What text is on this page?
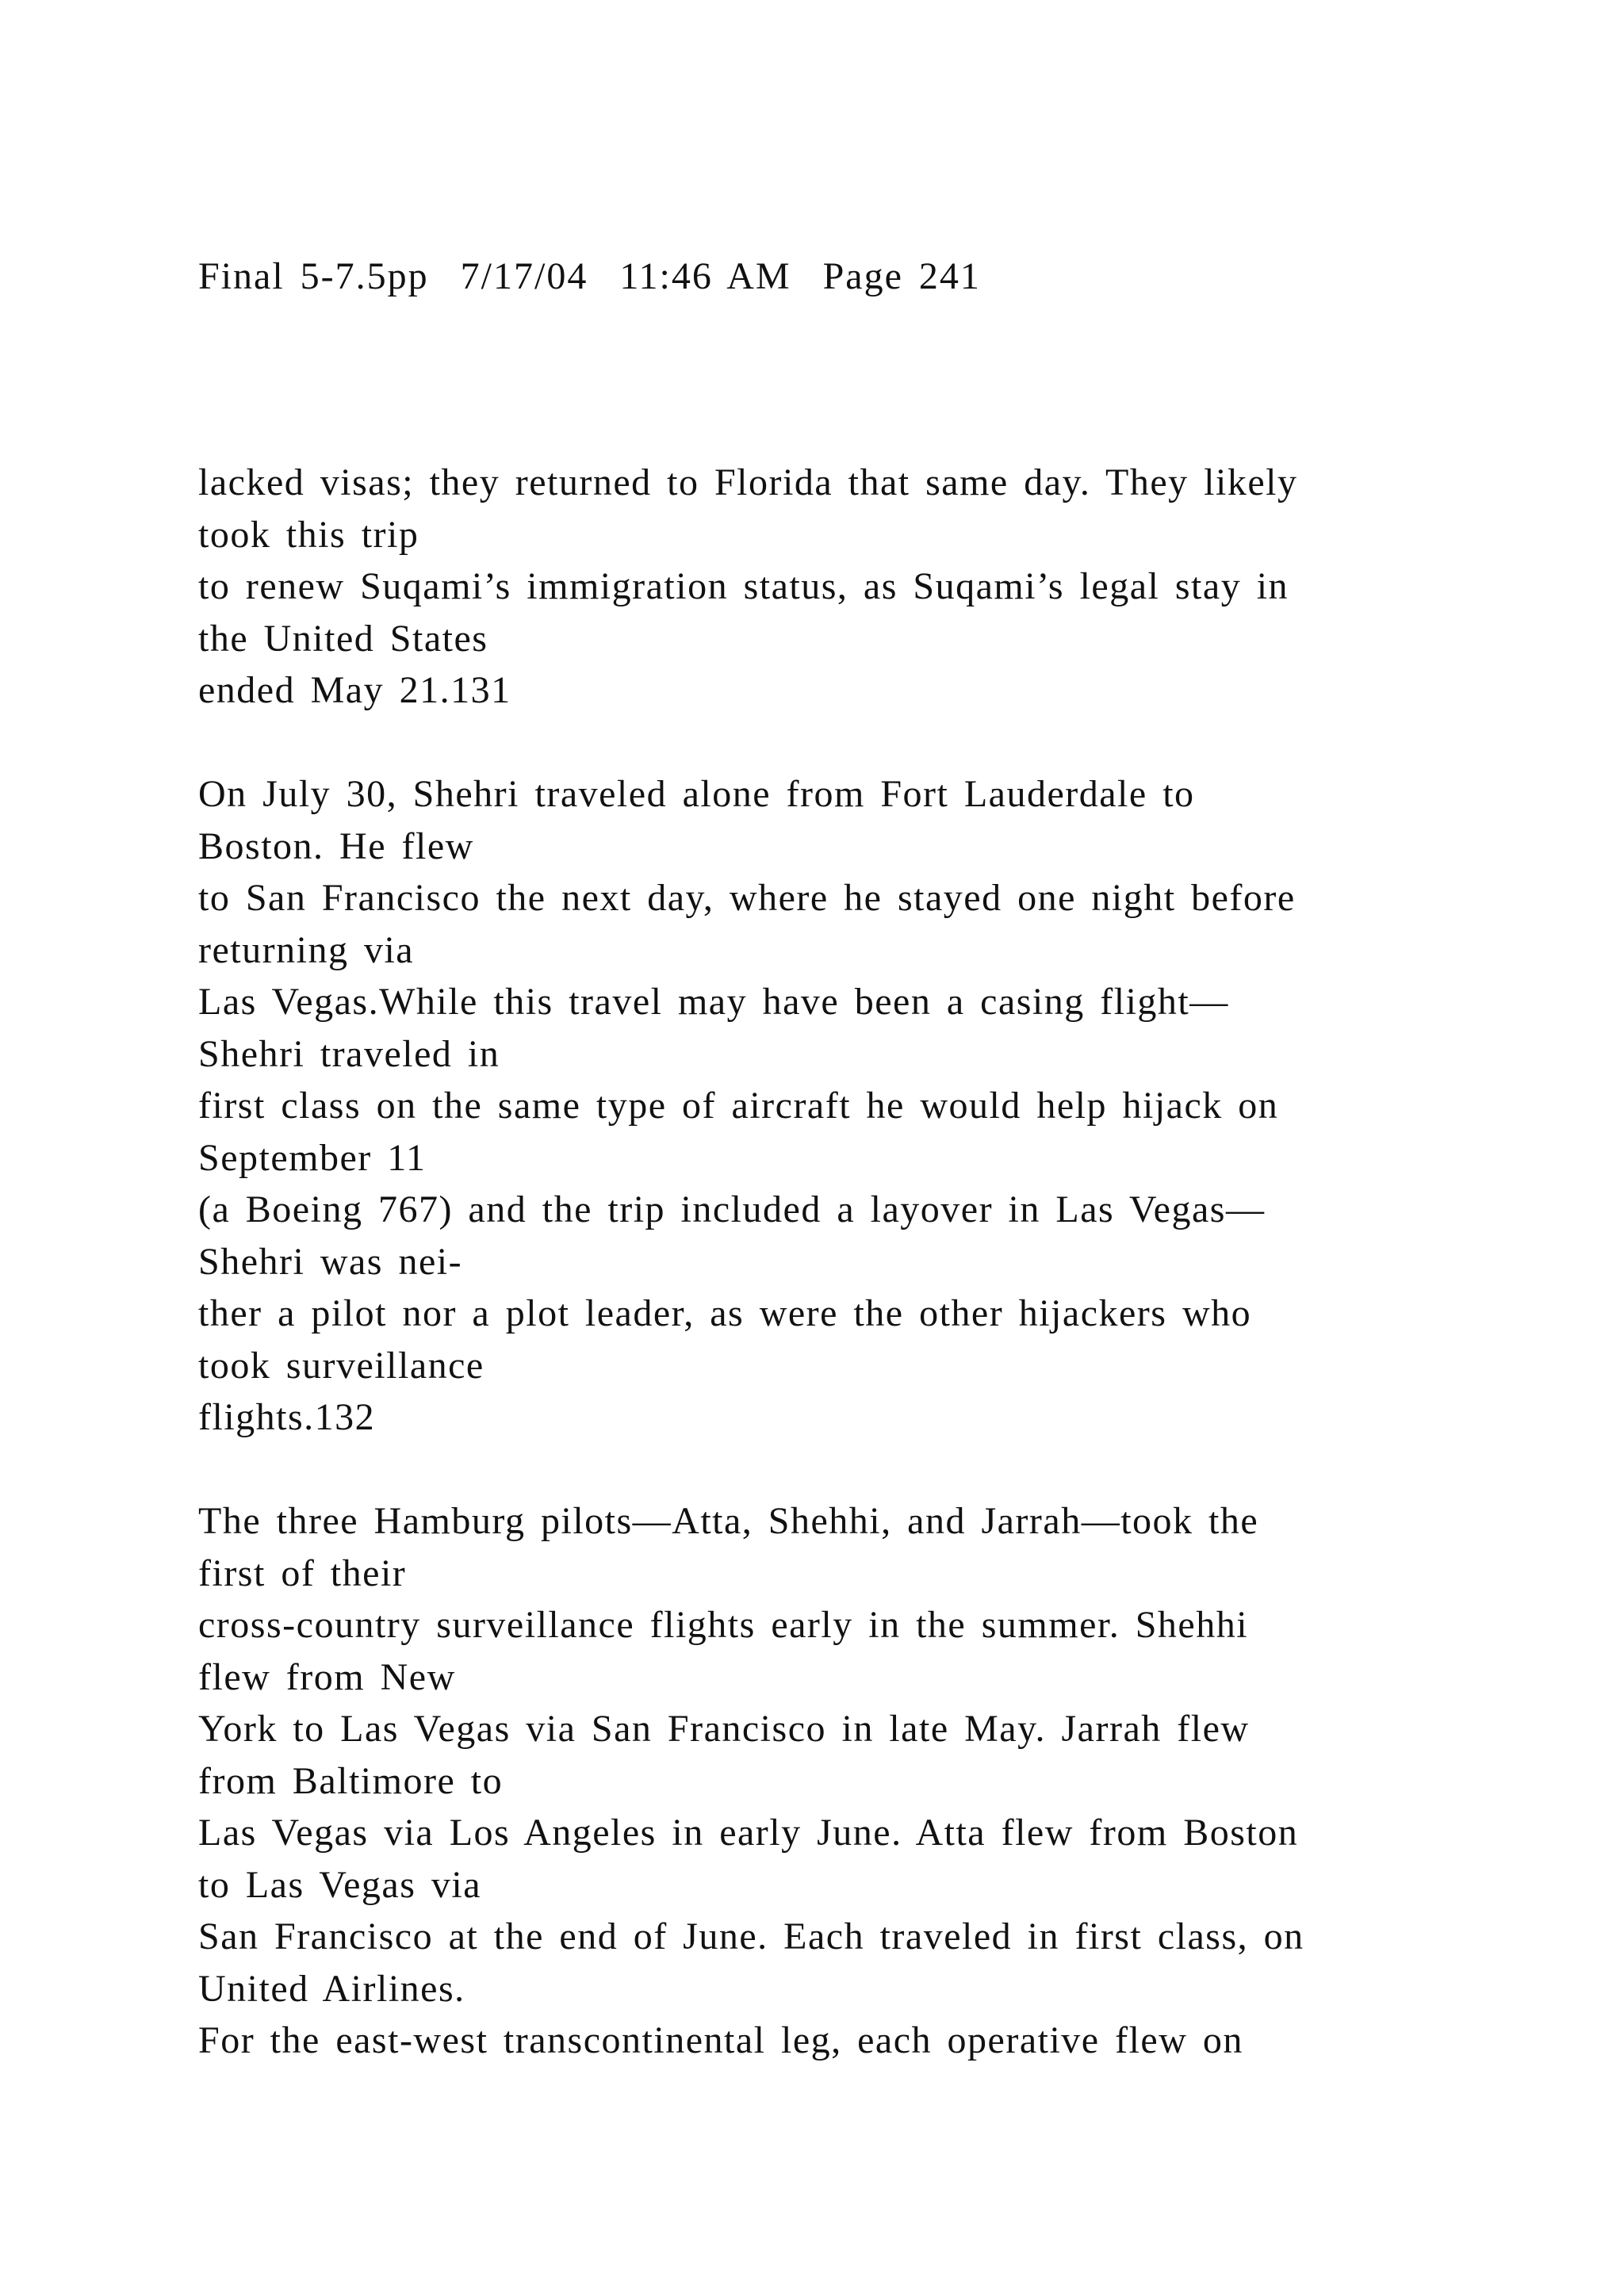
Final 5-7.5pp  7/17/04  11:46 AM  Page 241
lacked visas; they returned to Florida that same day. They likely
took this trip
to renew Suqami’s immigration status, as Suqami’s legal stay in
the United States
ended May 21.131
On July 30, Shehri traveled alone from Fort Lauderdale to
Boston. He flew
to San Francisco the next day, where he stayed one night before
returning via
Las Vegas.While this travel may have been a casing flight—
Shehri traveled in
first class on the same type of aircraft he would help hijack on
September 11
(a Boeing 767) and the trip included a layover in Las Vegas—
Shehri was nei-
ther a pilot nor a plot leader, as were the other hijackers who
took surveillance
flights.132
The three Hamburg pilots—Atta, Shehhi, and Jarrah—took the
first of their
cross-country surveillance flights early in the summer. Shehhi
flew from New
York to Las Vegas via San Francisco in late May. Jarrah flew
from Baltimore to
Las Vegas via Los Angeles in early June. Atta flew from Boston
to Las Vegas via
San Francisco at the end of June. Each traveled in first class, on
United Airlines.
For the east-west transcontinental leg, each operative flew on
